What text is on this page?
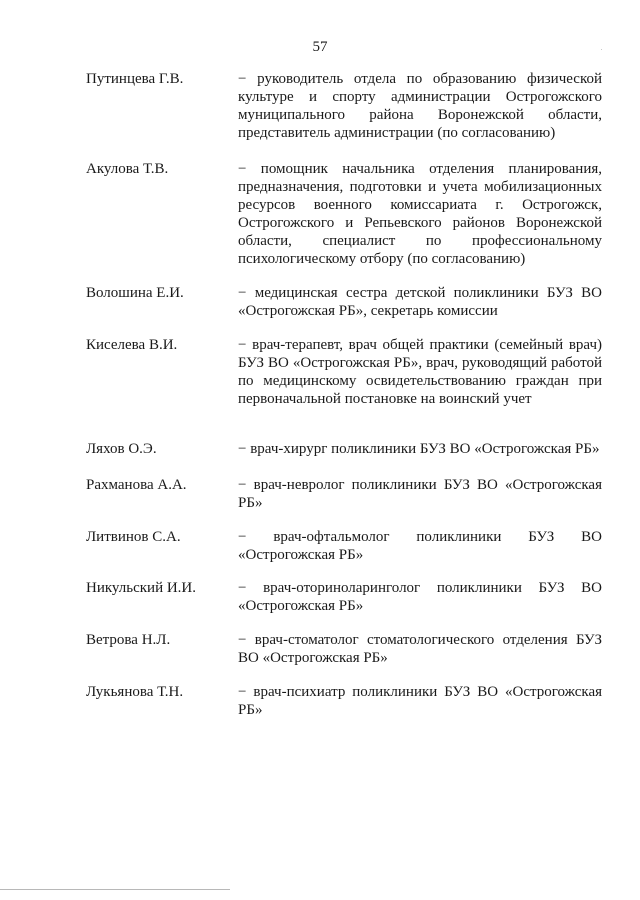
57
Путинцева Г.В.	− руководитель отдела по образованию физической культуре и спорту администрации Острогожского муниципального района Воронежской области, представитель администрации (по согласованию)
Акулова Т.В.	− помощник начальника отделения планирования, предназначения, подготовки и учета мобилизационных ресурсов военного комиссариата г. Острогожск, Острогожского и Репьевского районов Воронежской области, специалист по профессиональному психологическому отбору (по согласованию)
Волошина Е.И.	− медицинская сестра детской поликлиники БУЗ ВО «Острогожская РБ», секретарь комиссии
Киселева В.И.	− врач-терапевт, врач общей практики (семейный врач) БУЗ ВО «Острогожская РБ», врач, руководящий работой по медицинскому освидетельствованию граждан при первоначальной постановке на воинский учет
Ляхов О.Э.	− врач-хирург поликлиники БУЗ ВО «Острогожская РБ»
Рахманова А.А.	− врач-невролог поликлиники БУЗ ВО «Острогожская РБ»
Литвинов С.А.	− врач-офтальмолог поликлиники БУЗ ВО «Острогожская РБ»
Никульский И.И.	− врач-оториноларинголог поликлиники БУЗ ВО «Острогожская РБ»
Ветрова Н.Л.	− врач-стоматолог стоматологического отделения БУЗ ВО «Острогожская РБ»
Лукьянова Т.Н.	− врач-психиатр поликлиники БУЗ ВО «Острогожская РБ»
